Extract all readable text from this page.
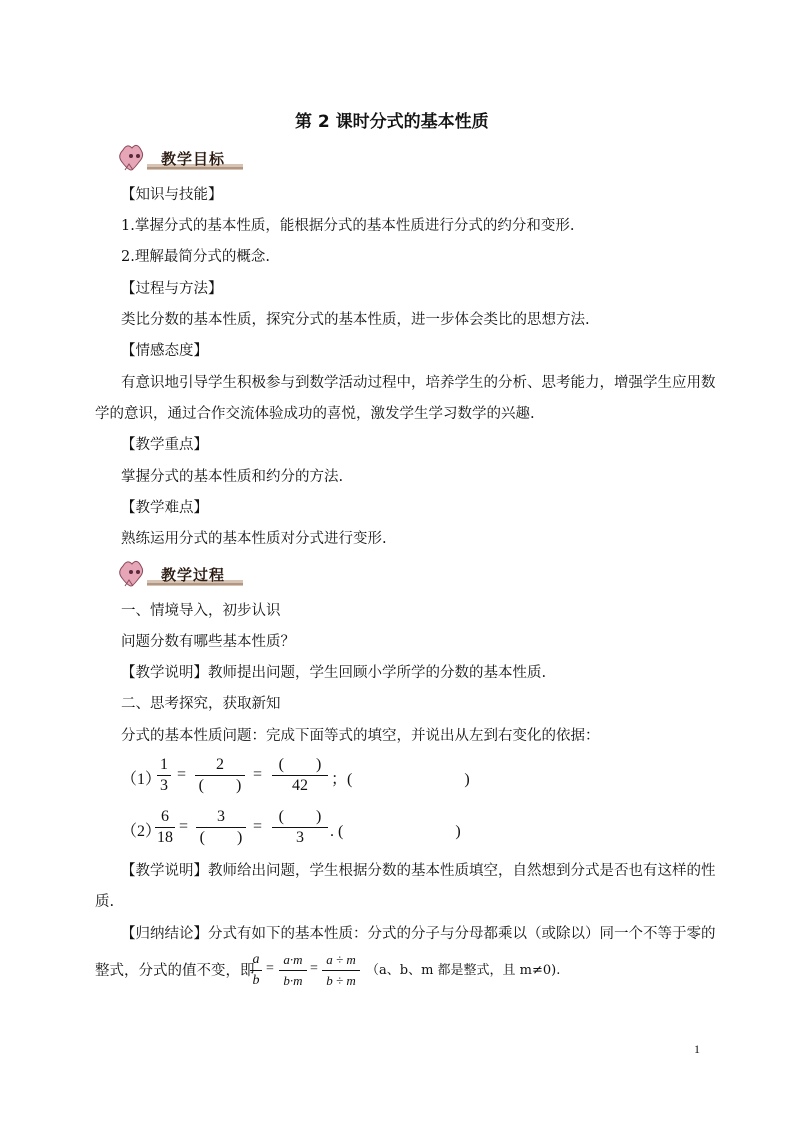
第 2 课时分式的基本性质
教学目标
【知识与技能】
1.掌握分式的基本性质，能根据分式的基本性质进行分式的约分和变形.
2.理解最简分式的概念.
【过程与方法】
类比分数的基本性质，探究分式的基本性质，进一步体会类比的思想方法.
【情感态度】
有意识地引导学生积极参与到数学活动过程中，培养学生的分析、思考能力，增强学生应用数
学的意识，通过合作交流体验成功的喜悦，激发学生学习数学的兴趣.
【教学重点】
掌握分式的基本性质和约分的方法.
【教学难点】
熟练运用分式的基本性质对分式进行变形.
教学过程
一、情境导入，初步认识
问题分数有哪些基本性质？
【教学说明】教师提出问题，学生回顾小学所学的分数的基本性质.
二、思考探究，获取新知
分式的基本性质问题：完成下面等式的填空，并说出从左到右变化的依据：
（1）
1
3
=
2
(　　)
=
(　　)
42	；(　　　　　　　)
（2）
6
18
=
3
(　　)
=
(　　)
3	. (　　　　　　　)
【教学说明】教师给出问题，学生根据分数的基本性质填空，自然想到分式是否也有这样的性
质.
【归纳结论】分式有如下的基本性质：分式的分子与分母都乘以（或除以）同一个不等于零的
整式，分式的值不变，即
a
b
=
a·m
b·m
=
a ÷ m
b ÷ m
（a、b、m 都是整式，且 m≠0).
1
